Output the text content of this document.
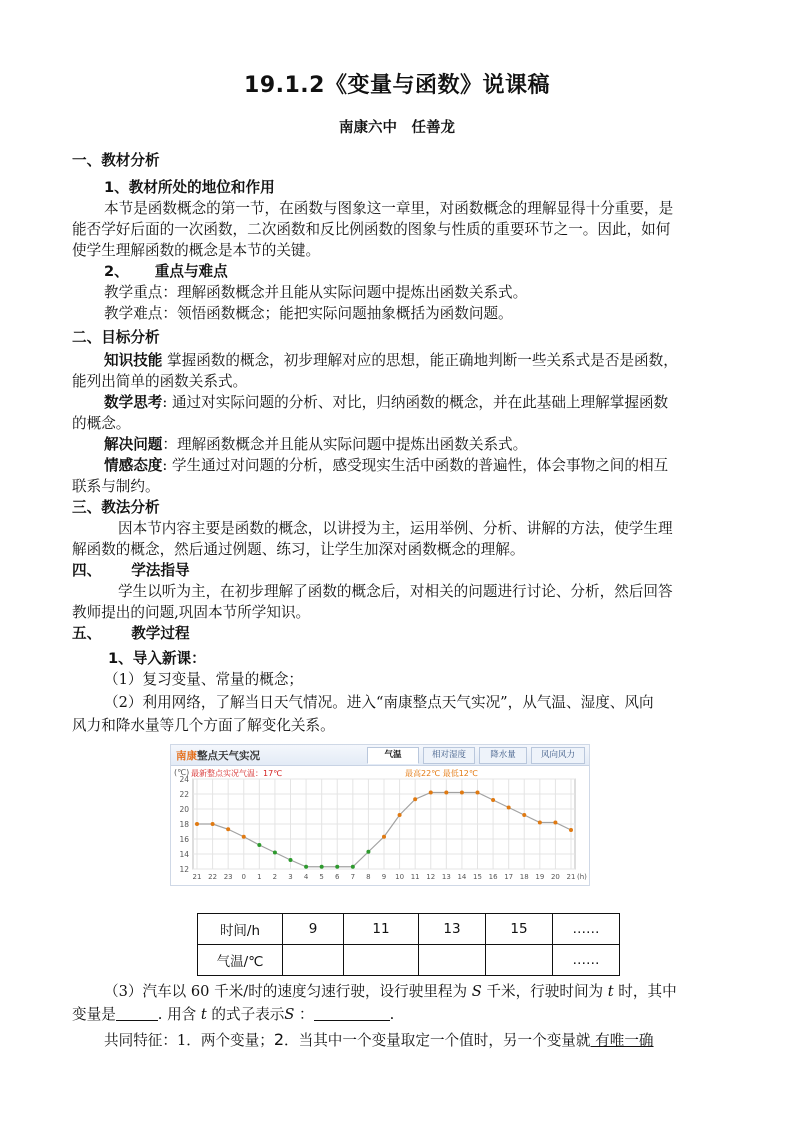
19.1.2《变量与函数》说课稿
南康六中　任善龙
一、教材分析
1、教材所处的地位和作用
本节是函数概念的第一节，在函数与图象这一章里，对函数概念的理解显得十分重要，是
能否学好后面的一次函数，二次函数和反比例函数的图象与性质的重要环节之一。因此，如何
使学生理解函数的概念是本节的关键。
2、 重点与难点
教学重点：理解函数概念并且能从实际问题中提炼出函数关系式。
教学难点：领悟函数概念；能把实际问题抽象概括为函数问题。
二、目标分析
知识技能 掌握函数的概念，初步理解对应的思想，能正确地判断一些关系式是否是函数，
能列出简单的函数关系式。
数学思考: 通过对实际问题的分析、对比，归纳函数的概念，并在此基础上理解掌握函数
的概念。
解决问题：理解函数概念并且能从实际问题中提炼出函数关系式。
情感态度: 学生通过对问题的分析，感受现实生活中函数的普遍性，体会事物之间的相互
联系与制约。
三、教法分析
因本节内容主要是函数的概念，以讲授为主，运用举例、分析、讲解的方法，使学生理
解函数的概念，然后通过例题、练习，让学生加深对函数概念的理解。
四、 学法指导
学生以听为主，在初步理解了函数的概念后，对相关的问题进行讨论、分析，然后回答
教师提出的问题,巩固本节所学知识。
五、 教学过程
1、导入新课：
（1）复习变量、常量的概念；
（2）利用网络，了解当日天气情况。进入“南康整点天气实况”，从气温、湿度、风向
风力和降水量等几个方面了解变化关系。
南康整点天气实况	气温	相对湿度	降水量	风向风力
(℃) 最新整点实况气温：17℃	最高22℃ 最低12℃
12
14
16
18
20
22
24
21 22 23 0 1 2 3 4 5 6 7 8 9 10 11 12 13 14 15 16 17 18 19 20 21 (h)
时间/h	9	11	13	15	……
气温/℃					……
（3）汽车以 60 千米/时的速度匀速行驶，设行驶里程为 S 千米，行驶时间为 t 时，其中
变量是	. 用含 t 的式子表示S ：	.
共同特征：1．两个变量；2．当其中一个变量取定一个值时，另一个变量就 有唯一确
